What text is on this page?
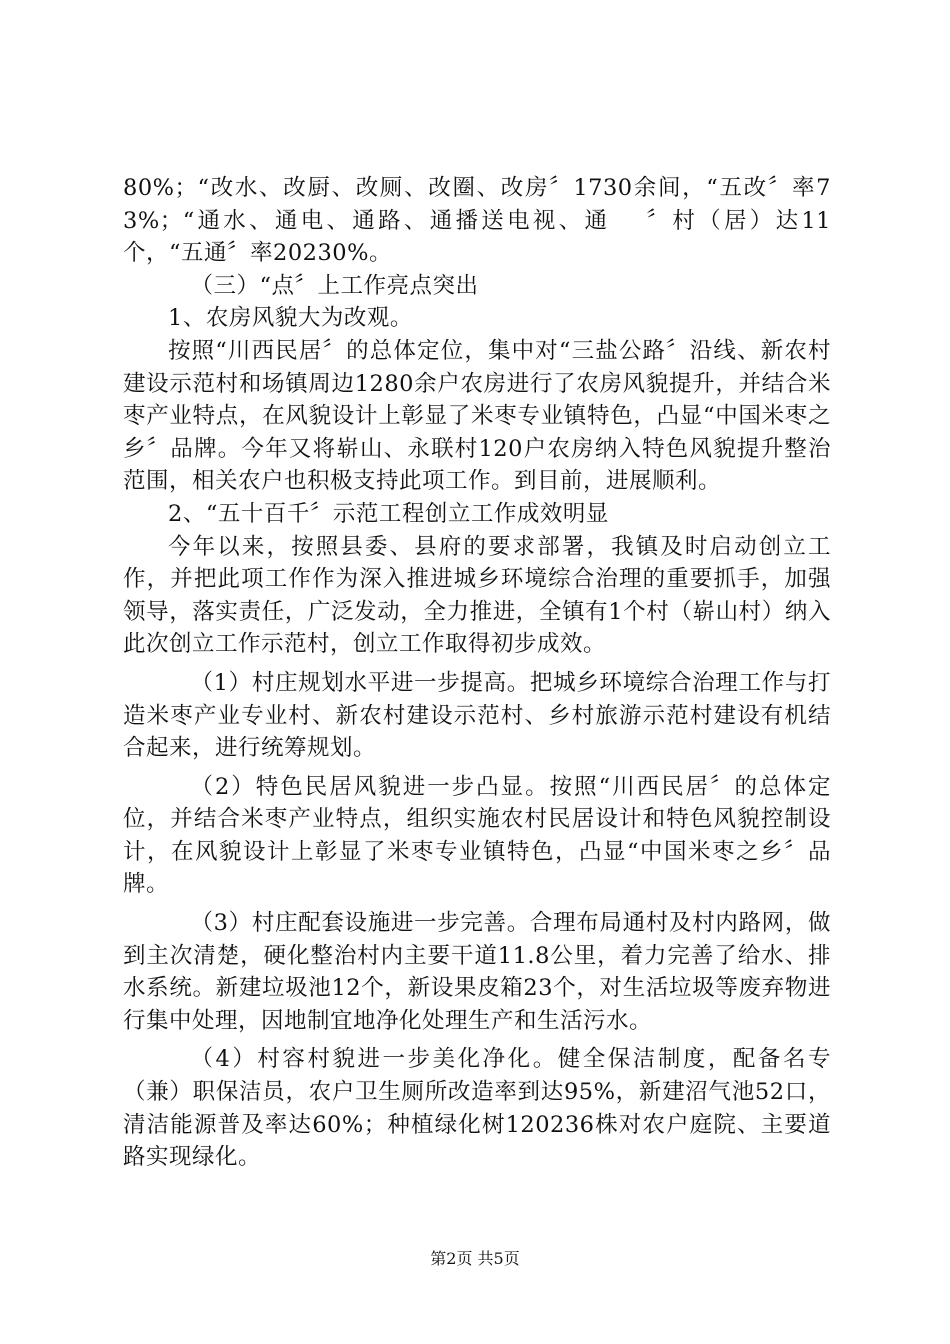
80%；“改水、改厨、改厕、改圈、改房〞1730余间，“五改〞率73%；“通水、通电、通路、通播送电视、通　 〞村（居）达11个，“五通〞率20230%。

（三）“点〞上工作亮点突出

1、农房风貌大为改观。

按照“川西民居〞的总体定位，集中对“三盐公路〞沿线、新农村建设示范村和场镇周边1280余户农房进行了农房风貌提升，并结合米枣产业特点，在风貌设计上彰显了米枣专业镇特色，凸显“中国米枣之乡〞品牌。今年又将崭山、永联村120户农房纳入特色风貌提升整治范围，相关农户也积极支持此项工作。到目前，进展顺利。

2、“五十百千〞示范工程创立工作成效明显

今年以来，按照县委、县府的要求部署，我镇及时启动创立工作，并把此项工作作为深入推进城乡环境综合治理的重要抓手，加强领导，落实责任，广泛发动，全力推进，全镇有1个村（崭山村）纳入此次创立工作示范村，创立工作取得初步成效。

（1）村庄规划水平进一步提高。把城乡环境综合治理工作与打造米枣产业专业村、新农村建设示范村、乡村旅游示范村建设有机结合起来，进行统筹规划。

（2）特色民居风貌进一步凸显。按照“川西民居〞的总体定位，并结合米枣产业特点，组织实施农村民居设计和特色风貌控制设计，在风貌设计上彰显了米枣专业镇特色，凸显“中国米枣之乡〞品牌。

（3）村庄配套设施进一步完善。合理布局通村及村内路网，做到主次清楚，硬化整治村内主要干道11.8公里，着力完善了给水、排水系统。新建垃圾池12个，新设果皮箱23个，对生活垃圾等废弃物进行集中处理，因地制宜地净化处理生产和生活污水。

（4）村容村貌进一步美化净化。健全保洁制度，配备名专（兼）职保洁员，农户卫生厕所改造率到达95%，新建沼气池52口，清洁能源普及率达60%；种植绿化树120236株对农户庭院、主要道路实现绿化。

第2页 共5页
